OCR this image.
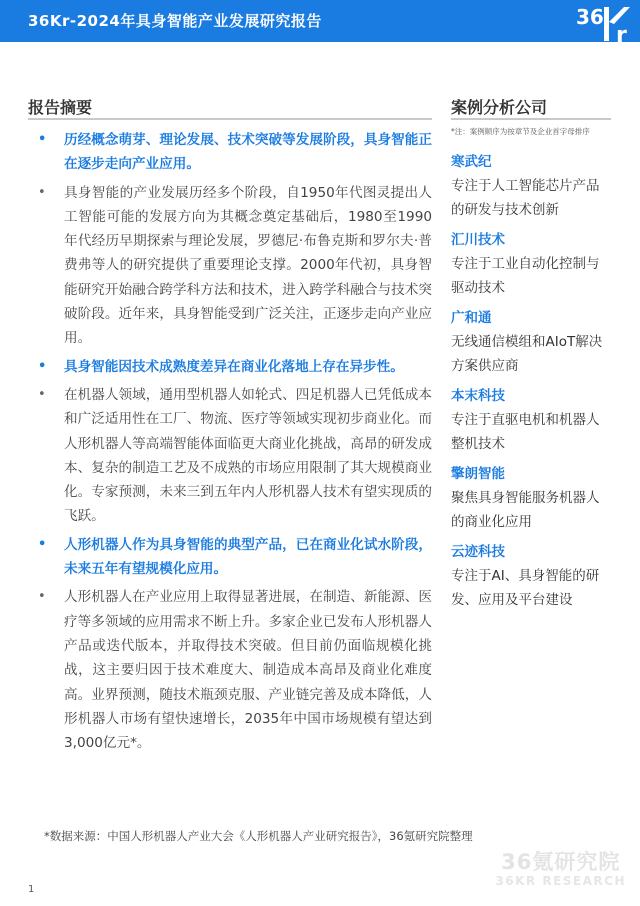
36Kr-2024年具身智能产业发展研究报告	36
r
报告摘要	案例分析公司
• 历经概念萌芽、理论发展、技术突破等发展阶段，具身智能正在逐步走向产业应用。
• 具身智能的产业发展历经多个阶段，自1950年代图灵提出人工智能可能的发展方向为其概念奠定基础后，1980至1990年代经历早期探索与理论发展，罗德尼·布鲁克斯和罗尔夫·普费弗等人的研究提供了重要理论支撑。2000年代初，具身智能研究开始融合跨学科方法和技术，进入跨学科融合与技术突破阶段。近年来，具身智能受到广泛关注，正逐步走向产业应用。
• 具身智能因技术成熟度差异在商业化落地上存在异步性。
• 在机器人领域，通用型机器人如轮式、四足机器人已凭低成本和广泛适用性在工厂、物流、医疗等领域实现初步商业化。而人形机器人等高端智能体面临更大商业化挑战，高昂的研发成本、复杂的制造工艺及不成熟的市场应用限制了其大规模商业化。专家预测，未来三到五年内人形机器人技术有望实现质的飞跃。
• 人形机器人作为具身智能的典型产品，已在商业化试水阶段，未来五年有望规模化应用。
• 人形机器人在产业应用上取得显著进展，在制造、新能源、医疗等多领域的应用需求不断上升。多家企业已发布人形机器人产品或迭代版本，并取得技术突破。但目前仍面临规模化挑战，这主要归因于技术难度大、制造成本高昂及商业化难度高。业界预测，随技术瓶颈克服、产业链完善及成本降低，人形机器人市场有望快速增长，2035年中国市场规模有望达到3,000亿元*。
*注：案例顺序为按章节及企业首字母排序
寒武纪
专注于人工智能芯片产品的研发与技术创新
汇川技术
专注于工业自动化控制与驱动技术
广和通
无线通信模组和AIoT解决方案供应商
本末科技
专注于直驱电机和机器人整机技术
擎朗智能
聚焦具身智能服务机器人的商业化应用
云迹科技
专注于AI、具身智能的研发、应用及平台建设
*数据来源：中国人形机器人产业大会《人形机器人产业研究报告》，36氪研究院整理
36氪研究院
36KR RESEARCH
1
